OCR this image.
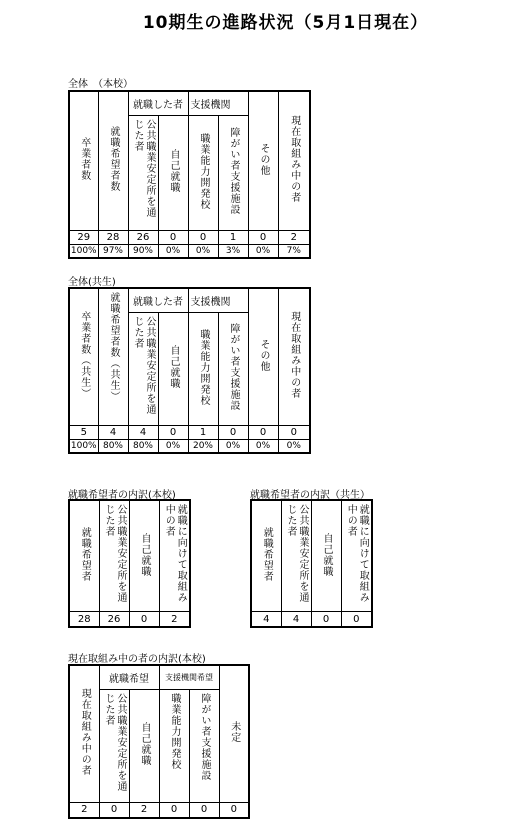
10期生の進路状況（5月1日現在）
全体　（本校）
卒業者数	就職希望者数	就職した者		支援機関		その他	現在取組み中の者
		公共職業安定所を通じた者	自己就職	職業能力開発校	障がい者支援施設		
29	28	26	0	0	1	0	2
100%	97%	90%	0%	0%	3%	0%	7%
全体(共生)
卒業者数（共生）	就職希望者数（共生）	就職した者		支援機関		その他	現在取組み中の者
		公共職業安定所を通じた者	自己就職	職業能力開発校	障がい者支援施設		
5	4	4	0	1	0	0	0
100%	80%	80%	0%	20%	0%	0%	0%
就職希望者の内訳(本校)
就職希望者	公共職業安定所を通じた者	自己就職	就職に向けて取組み中の者
28	26	0	2
就職希望者の内訳（共生）
就職希望者	公共職業安定所を通じた者	自己就職	就職に向けて取組み中の者
4	4	0	0
現在取組み中の者の内訳(本校)
現在取組み中の者	就職希望		支援機関希望		未定
	公共職業安定所を通じた者	自己就職	職業能力開発校	障がい者支援施設	
2	0	2	0	0	0
